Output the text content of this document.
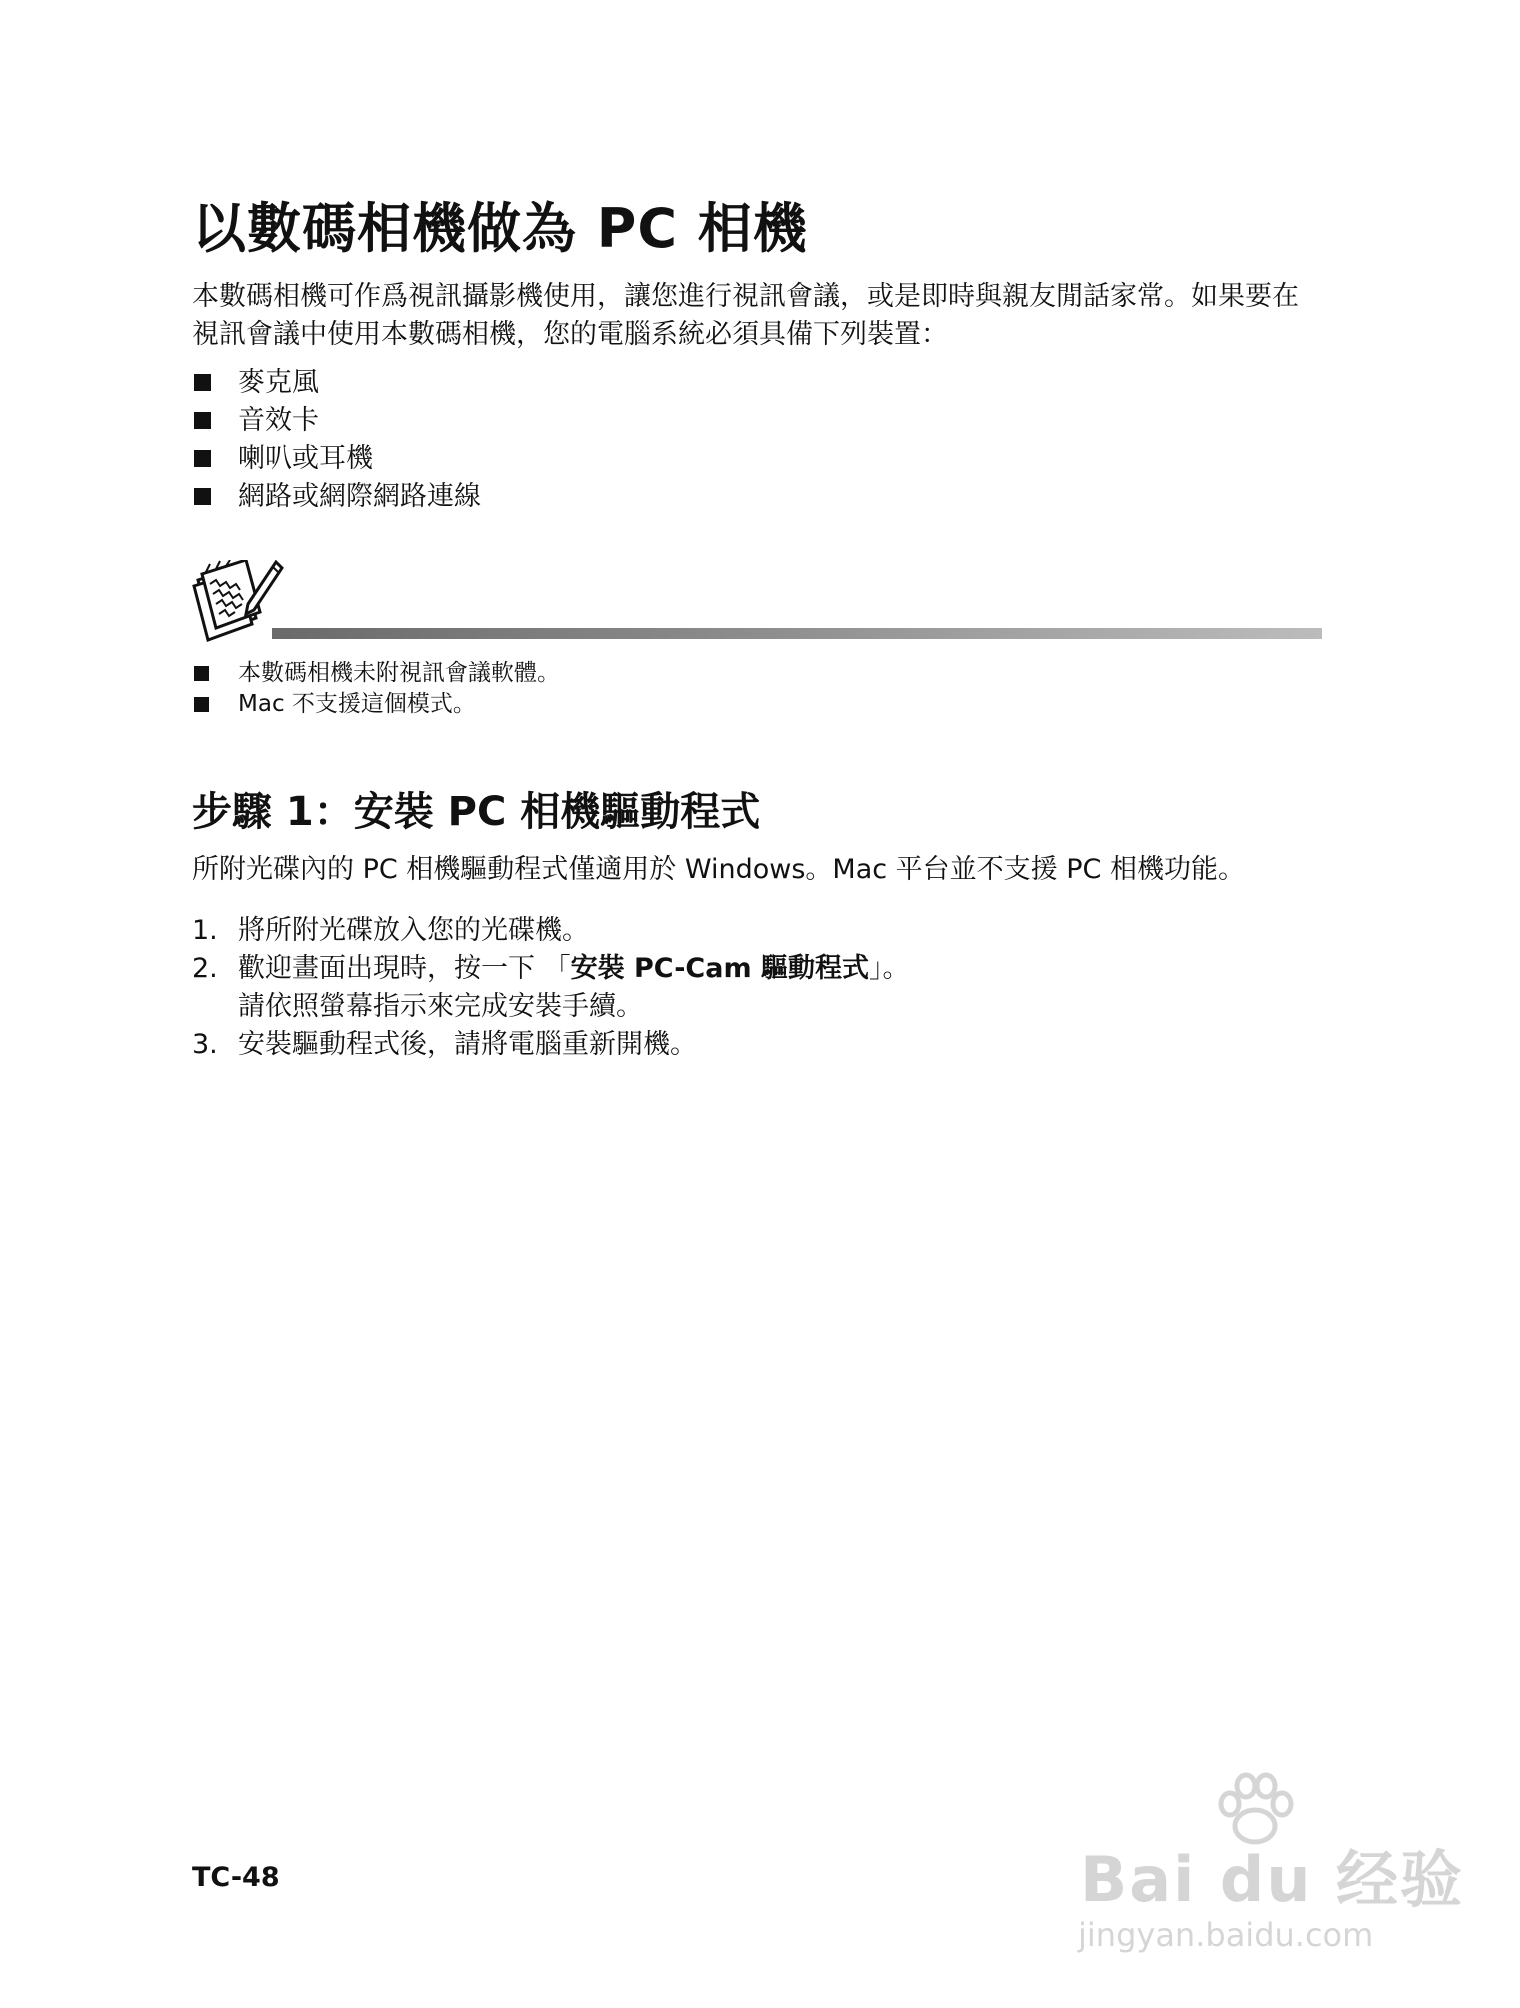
以數碼相機做為 PC 相機

本數碼相機可作爲視訊攝影機使用，讓您進行視訊會議，或是即時與親友閒話家常。如果要在視訊會議中使用本數碼相機，您的電腦系統必須具備下列裝置：

麥克風
音效卡
喇叭或耳機
網路或網際網路連線
本數碼相機未附視訊會議軟體。
Mac 不支援這個模式。
步驟 1：安裝 PC 相機驅動程式

所附光碟內的 PC 相機驅動程式僅適用於 Windows。Mac 平台並不支援 PC 相機功能。

1. 將所附光碟放入您的光碟機。
2. 歡迎畫面出現時，按一下 「安裝 PC-Cam 驅動程式」。
請依照螢幕指示來完成安裝手續。
3. 安裝驅動程式後，請將電腦重新開機。
TC-48	Bai du 经验
jingyan.baidu.com
